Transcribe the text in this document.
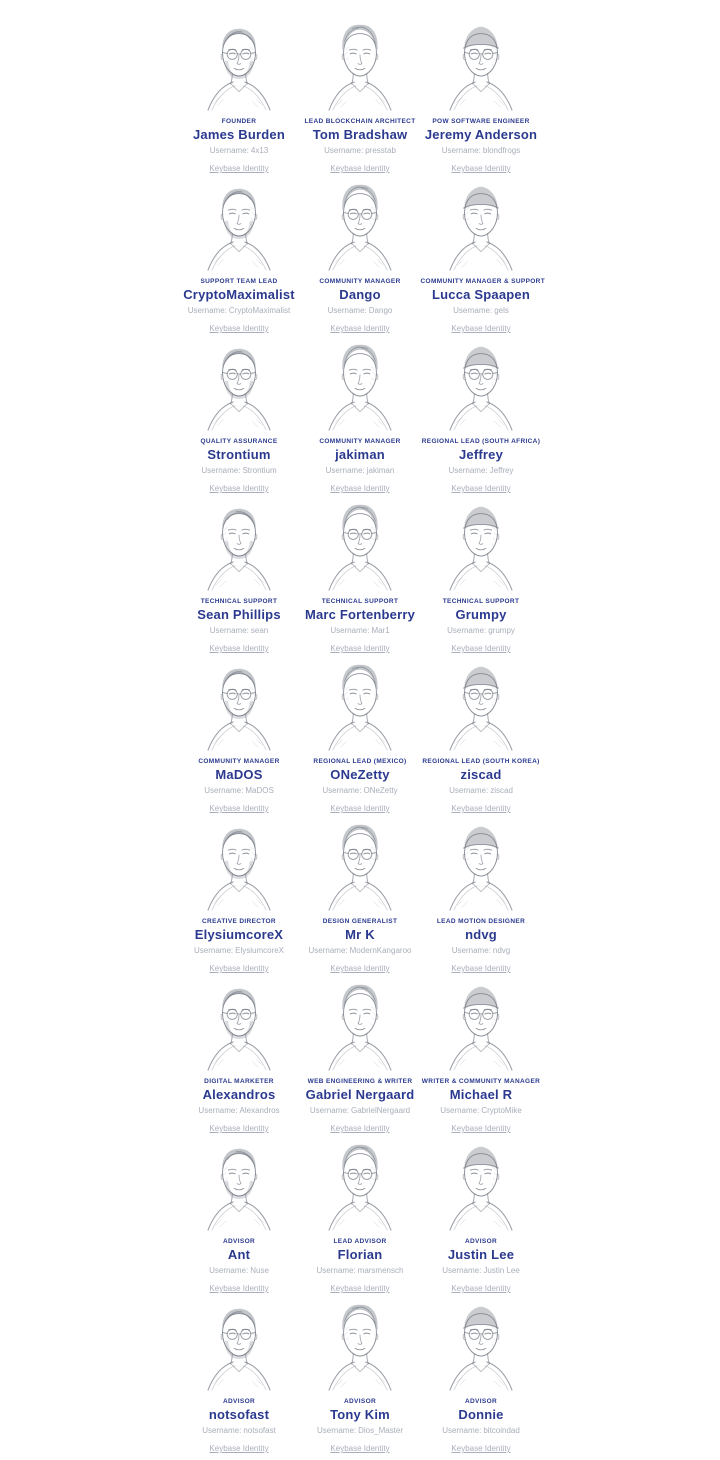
FOUNDER
James Burden
Username: 4x13
Keybase Identity
LEAD BLOCKCHAIN ARCHITECT
Tom Bradshaw
Username: presstab
Keybase Identity
POW SOFTWARE ENGINEER
Jeremy Anderson
Username: blondfrogs
Keybase Identity
SUPPORT TEAM LEAD
CryptoMaximalist
Username: CryptoMaximalist
Keybase Identity
COMMUNITY MANAGER
Dango
Username: Dango
Keybase Identity
COMMUNITY MANAGER & SUPPORT
Lucca Spaapen
Username: gels
Keybase Identity
QUALITY ASSURANCE
Strontium
Username: Strontium
Keybase Identity
COMMUNITY MANAGER
jakiman
Username: jakiman
Keybase Identity
REGIONAL LEAD (SOUTH AFRICA)
Jeffrey
Username: Jeffrey
Keybase Identity
TECHNICAL SUPPORT
Sean Phillips
Username: sean
Keybase Identity
TECHNICAL SUPPORT
Marc Fortenberry
Username: Mar1
Keybase Identity
TECHNICAL SUPPORT
Grumpy
Username: grumpy
Keybase Identity
COMMUNITY MANAGER
MaDOS
Username: MaDOS
Keybase Identity
REGIONAL LEAD (MEXICO)
ONeZetty
Username: ONeZetty
Keybase Identity
REGIONAL LEAD (SOUTH KOREA)
ziscad
Username: ziscad
Keybase Identity
CREATIVE DIRECTOR
ElysiumcoreX
Username: ElysiumcoreX
Keybase Identity
DESIGN GENERALIST
Mr K
Username: ModernKangaroo
Keybase Identity
LEAD MOTION DESIGNER
ndvg
Username: ndvg
Keybase Identity
DIGITAL MARKETER
Alexandros
Username: Alexandros
Keybase Identity
WEB ENGINEERING & WRITER
Gabriel Nergaard
Username: GabrielNergaard
Keybase Identity
WRITER & COMMUNITY MANAGER
Michael R
Username: CryptoMike
Keybase Identity
ADVISOR
Ant
Username: Nuse
Keybase Identity
LEAD ADVISOR
Florian
Username: marsmensch
Keybase Identity
ADVISOR
Justin Lee
Username: Justin Lee
Keybase Identity
ADVISOR
notsofast
Username: notsofast
Keybase Identity
ADVISOR
Tony Kim
Username: Dios_Master
Keybase Identity
ADVISOR
Donnie
Username: bitcoindad
Keybase Identity
